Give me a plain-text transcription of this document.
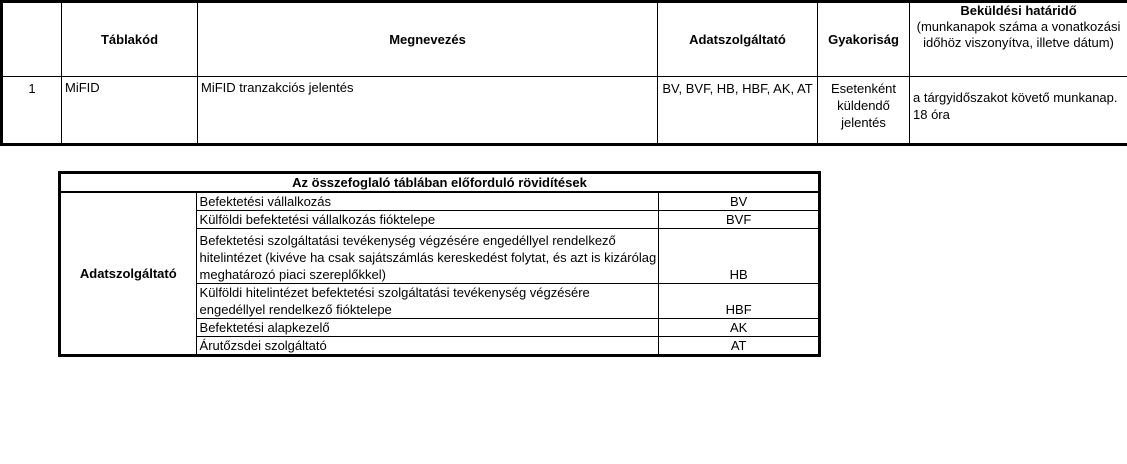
	Táblakód	Megnevezés	Adatszolgáltató	Gyakoriság	Beküldési határidő
(munkanapok száma a vonatkozási időhöz viszonyítva, illetve dátum)

1	MiFID	MiFID tranzakciós jelentés	BV, BVF, HB, HBF, AK, AT	Esetenként küldendő jelentés	a tárgyidőszakot követő munkanap. 18 óra
Az összefoglaló táblában előforduló rövidítések		
Adatszolgáltató	Befektetési vállalkozás	BV
	Külföldi befektetési vállalkozás fióktelepe	BVF
	Befektetési szolgáltatási tevékenység végzésére engedéllyel rendelkező hitelintézet (kivéve ha csak sajátszámlás kereskedést folytat, és azt is kizárólag meghatározó piaci szereplőkkel)	HB
	Külföldi hitelintézet befektetési szolgáltatási tevékenység végzésére engedéllyel rendelkező fióktelepe	HBF
	Befektetési alapkezelő	AK
	Árutőzsdei szolgáltató	AT
